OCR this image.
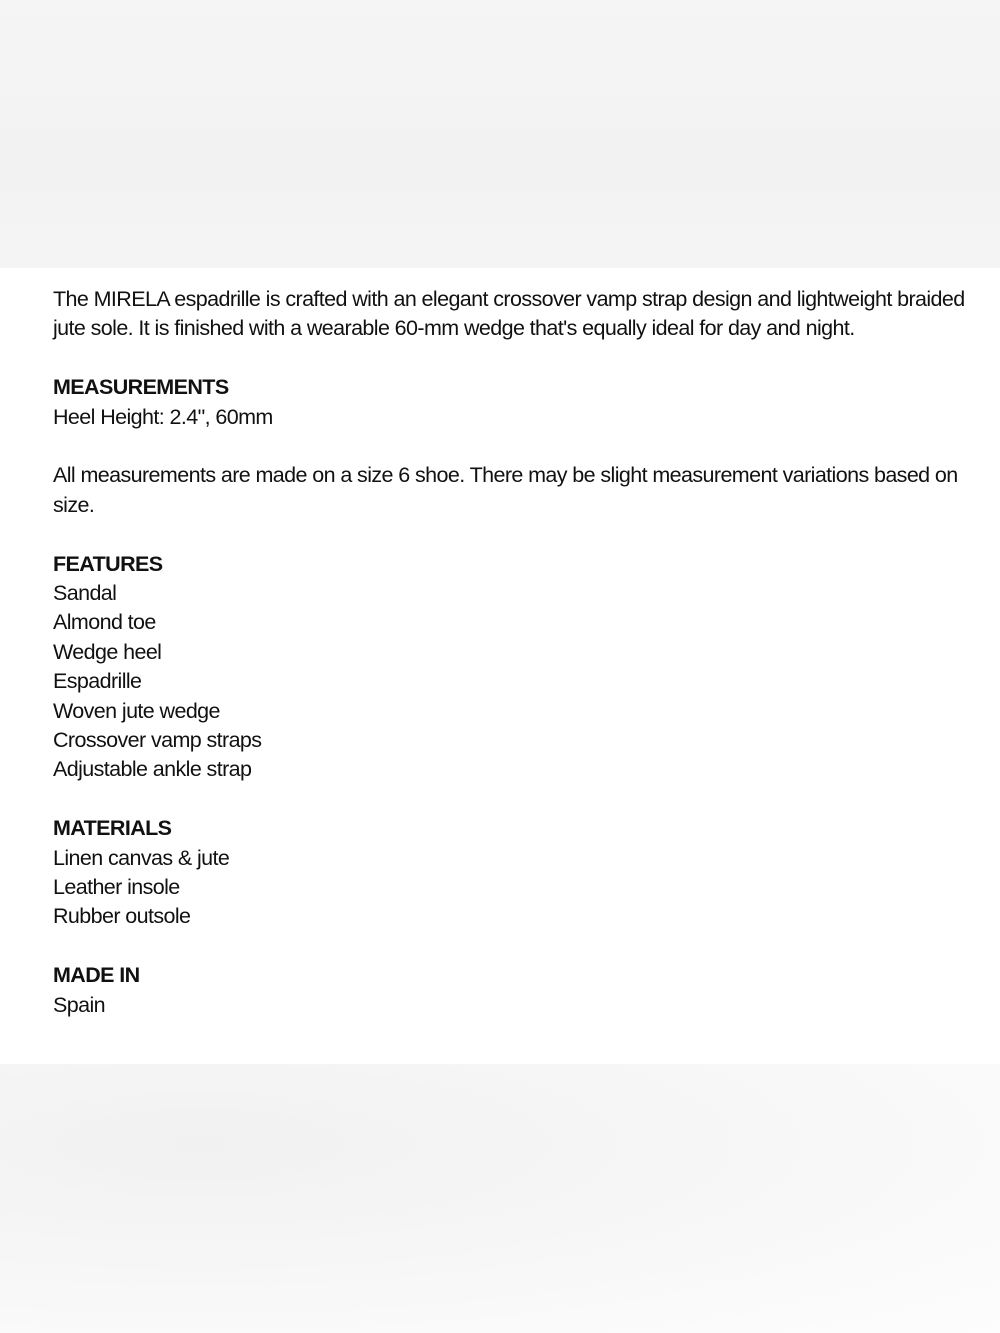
The MIRELA espadrille is crafted with an elegant crossover vamp strap design and lightweight braided jute sole. It is finished with a wearable 60-mm wedge that's equally ideal for day and night.

MEASUREMENTS

Heel Height: 2.4", 60mm

All measurements are made on a size 6 shoe. There may be slight measurement variations based on size.

FEATURES

Sandal
Almond toe
Wedge heel
Espadrille
Woven jute wedge
Crossover vamp straps
Adjustable ankle strap

MATERIALS

Linen canvas & jute
Leather insole
Rubber outsole

MADE IN

Spain
